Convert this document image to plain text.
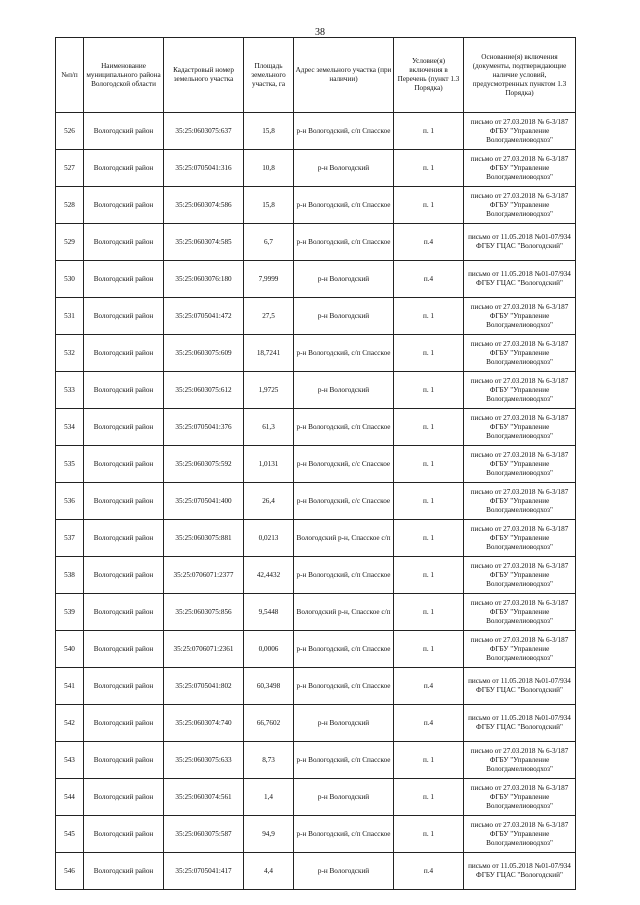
38
№п/п	Наименование муниципального района Вологодской области	Кадастровый номер земельного участка	Площадь земельного участка, га	Адрес земельного участка (при наличии)	Условие(я) включения в Перечень (пункт 1.3 Порядка)	Основание(я) включения (документы, подтверждающие наличие условий, предусмотренных пунктом 1.3 Порядка)
526	Вологодский район	35:25:0603075:637	15,8	р-н Вологодский, с/п Спасское	п. 1	письмо от 27.03.2018 № 6-3/187 ФГБУ "Управление Вологдамелиоводхоз"
527	Вологодский район	35:25:0705041:316	10,8	р-н Вологодский	п. 1	письмо от 27.03.2018 № 6-3/187 ФГБУ "Управление Вологдамелиоводхоз"
528	Вологодский район	35:25:0603074:586	15,8	р-н Вологодский, с/п Спасское	п. 1	письмо от 27.03.2018 № 6-3/187 ФГБУ "Управление Вологдамелиоводхоз"
529	Вологодский район	35:25:0603074:585	6,7	р-н Вологодский, с/п Спасское	п.4	письмо от 11.05.2018 №01-07/934 ФГБУ ГЦАС "Вологодский"
530	Вологодский район	35:25:0603076:180	7,9999	р-н Вологодский	п.4	письмо от 11.05.2018 №01-07/934 ФГБУ ГЦАС "Вологодский"
531	Вологодский район	35:25:0705041:472	27,5	р-н Вологодский	п. 1	письмо от 27.03.2018 № 6-3/187 ФГБУ "Управление Вологдамелиоводхоз"
532	Вологодский район	35:25:0603075:609	18,7241	р-н Вологодский, с/п Спасское	п. 1	письмо от 27.03.2018 № 6-3/187 ФГБУ "Управление Вологдамелиоводхоз"
533	Вологодский район	35:25:0603075:612	1,9725	р-н Вологодский	п. 1	письмо от 27.03.2018 № 6-3/187 ФГБУ "Управление Вологдамелиоводхоз"
534	Вологодский район	35:25:0705041:376	61,3	р-н Вологодский, с/п Спасское	п. 1	письмо от 27.03.2018 № 6-3/187 ФГБУ "Управление Вологдамелиоводхоз"
535	Вологодский район	35:25:0603075:592	1,0131	р-н Вологодский, с/с Спасское	п. 1	письмо от 27.03.2018 № 6-3/187 ФГБУ "Управление Вологдамелиоводхоз"
536	Вологодский район	35:25:0705041:400	26,4	р-н Вологодский, с/с Спасское	п. 1	письмо от 27.03.2018 № 6-3/187 ФГБУ "Управление Вологдамелиоводхоз"
537	Вологодский район	35:25:0603075:881	0,0213	Вологодский р-н, Спасское с/п	п. 1	письмо от 27.03.2018 № 6-3/187 ФГБУ "Управление Вологдамелиоводхоз"
538	Вологодский район	35:25:0706071:2377	42,4432	р-н Вологодский, с/п Спасское	п. 1	письмо от 27.03.2018 № 6-3/187 ФГБУ "Управление Вологдамелиоводхоз"
539	Вологодский район	35:25:0603075:856	9,5448	Вологодский р-н, Спасское с/п	п. 1	письмо от 27.03.2018 № 6-3/187 ФГБУ "Управление Вологдамелиоводхоз"
540	Вологодский район	35:25:0706071:2361	0,0006	р-н Вологодский, с/п Спасское	п. 1	письмо от 27.03.2018 № 6-3/187 ФГБУ "Управление Вологдамелиоводхоз"
541	Вологодский район	35:25:0705041:802	60,3498	р-н Вологодский, с/п Спасское	п.4	письмо от 11.05.2018 №01-07/934 ФГБУ ГЦАС "Вологодский"
542	Вологодский район	35:25:0603074:740	66,7602	р-н Вологодский	п.4	письмо от 11.05.2018 №01-07/934 ФГБУ ГЦАС "Вологодский"
543	Вологодский район	35:25:0603075:633	8,73	р-н Вологодский, с/п Спасское	п. 1	письмо от 27.03.2018 № 6-3/187 ФГБУ "Управление Вологдамелиоводхоз"
544	Вологодский район	35:25:0603074:561	1,4	р-н Вологодский	п. 1	письмо от 27.03.2018 № 6-3/187 ФГБУ "Управление Вологдамелиоводхоз"
545	Вологодский район	35:25:0603075:587	94,9	р-н Вологодский, с/п Спасское	п. 1	письмо от 27.03.2018 № 6-3/187 ФГБУ "Управление Вологдамелиоводхоз"
546	Вологодский район	35:25:0705041:417	4,4	р-н Вологодский	п.4	письмо от 11.05.2018 №01-07/934 ФГБУ ГЦАС "Вологодский"
